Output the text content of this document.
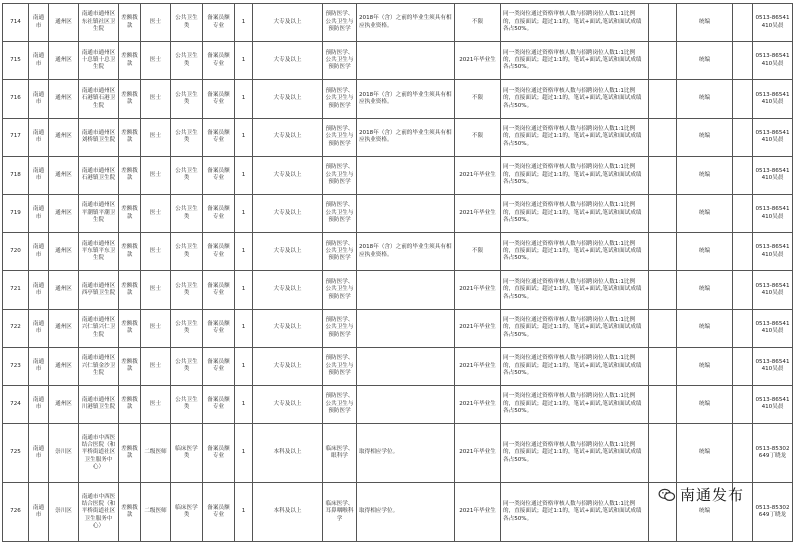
714	南通市	通州区	南通市通州区东社镇社区卫生院	差额拨款	医士	公共卫生类	备案员额专业	1	大专及以上	预防医学、公共卫生与预防医学	2018年（含）之前的毕业生须具有相应执业资格。	不限	同一类岗位通过资格审核人数与招聘岗位人数1:1比例的，直接面试；超过1:1的，笔试+面试,笔试和面试成绩各占50%。		统编		0513-86541410吴晨
715	南通市	通州区	南通市通州区十总镇十总卫生院	差额拨款	医士	公共卫生类	备案员额专业	1	大专及以上	预防医学、公共卫生与预防医学		2021年毕业生	同一类岗位通过资格审核人数与招聘岗位人数1:1比例的，直接面试；超过1:1的，笔试+面试,笔试和面试成绩各占50%。		统编		0513-86541410吴晨
716	南通市	通州区	南通市通州区石港镇石港卫生院	差额拨款	医士	公共卫生类	备案员额专业	1	大专及以上	预防医学、公共卫生与预防医学	2018年（含）之前的毕业生须具有相应执业资格。	不限	同一类岗位通过资格审核人数与招聘岗位人数1:1比例的，直接面试；超过1:1的，笔试+面试,笔试和面试成绩各占50%。		统编		0513-86541410吴晨
717	南通市	通州区	南通市通州区刘桥镇卫生院	差额拨款	医士	公共卫生类	备案员额专业	1	大专及以上	预防医学、公共卫生与预防医学	2018年（含）之前的毕业生须具有相应执业资格。	不限	同一类岗位通过资格审核人数与招聘岗位人数1:1比例的，直接面试；超过1:1的，笔试+面试,笔试和面试成绩各占50%。		统编		0513-86541410吴晨
718	南通市	通州区	南通市通州区石港镇卫生院	差额拨款	医士	公共卫生类	备案员额专业	1	大专及以上	预防医学、公共卫生与预防医学		2021年毕业生	同一类岗位通过资格审核人数与招聘岗位人数1:1比例的，直接面试；超过1:1的，笔试+面试,笔试和面试成绩各占50%。		统编		0513-86541410吴晨
719	南通市	通州区	南通市通州区平潮镇平潮卫生院	差额拨款	医士	公共卫生类	备案员额专业	1	大专及以上	预防医学、公共卫生与预防医学		2021年毕业生	同一类岗位通过资格审核人数与招聘岗位人数1:1比例的，直接面试；超过1:1的，笔试+面试,笔试和面试成绩各占50%。		统编		0513-86541410吴晨
720	南通市	通州区	南通市通州区平东镇平东卫生院	差额拨款	医士	公共卫生类	备案员额专业	1	大专及以上	预防医学、公共卫生与预防医学	2018年（含）之前的毕业生须具有相应执业资格。	不限	同一类岗位通过资格审核人数与招聘岗位人数1:1比例的，直接面试；超过1:1的，笔试+面试,笔试和面试成绩各占50%。		统编		0513-86541410吴晨
721	南通市	通州区	南通市通州区西亭镇卫生院	差额拨款	医士	公共卫生类	备案员额专业	1	大专及以上	预防医学、公共卫生与预防医学		2021年毕业生	同一类岗位通过资格审核人数与招聘岗位人数1:1比例的，直接面试；超过1:1的，笔试+面试,笔试和面试成绩各占50%。		统编		0513-86541410吴晨
722	南通市	通州区	南通市通州区兴仁镇兴仁卫生院	差额拨款	医士	公共卫生类	备案员额专业	1	大专及以上	预防医学、公共卫生与预防医学		2021年毕业生	同一类岗位通过资格审核人数与招聘岗位人数1:1比例的，直接面试；超过1:1的，笔试+面试,笔试和面试成绩各占50%。		统编		0513-86541410吴晨
723	南通市	通州区	南通市通州区兴仁镇金沙卫生院	差额拨款	医士	公共卫生类	备案员额专业	1	大专及以上	预防医学、公共卫生与预防医学		2021年毕业生	同一类岗位通过资格审核人数与招聘岗位人数1:1比例的，直接面试；超过1:1的，笔试+面试,笔试和面试成绩各占50%。		统编		0513-86541410吴晨
724	南通市	通州区	南通市通州区川港镇卫生院	差额拨款	医士	公共卫生类	备案员额专业	1	大专及以上	预防医学、公共卫生与预防医学		2021年毕业生	同一类岗位通过资格审核人数与招聘岗位人数1:1比例的，直接面试；超过1:1的，笔试+面试,笔试和面试成绩各占50%。		统编		0513-86541410吴晨
725	南通市	崇川区	南通市中西医结合医院（和平桥街道社区卫生服务中心）	差额拨款	二级医师	临床医学类	备案员额专业	1	本科及以上	临床医学、眼科学	取得相应学位。	2021年毕业生	同一类岗位通过资格审核人数与招聘岗位人数1:1比例的，直接面试；超过1:1的，笔试+面试,笔试和面试成绩各占50%。		统编		0513-85302649丁晓龙
726	南通市	崇川区	南通市中西医结合医院（和平桥街道社区卫生服务中心）	差额拨款	二级医师	临床医学类	备案员额专业	1	本科及以上	临床医学、耳鼻咽喉科学	取得相应学位。	2021年毕业生	同一类岗位通过资格审核人数与招聘岗位人数1:1比例的，直接面试；超过1:1的，笔试+面试,笔试和面试成绩各占50%。		统编		0513-85302649丁晓龙
南通发布
